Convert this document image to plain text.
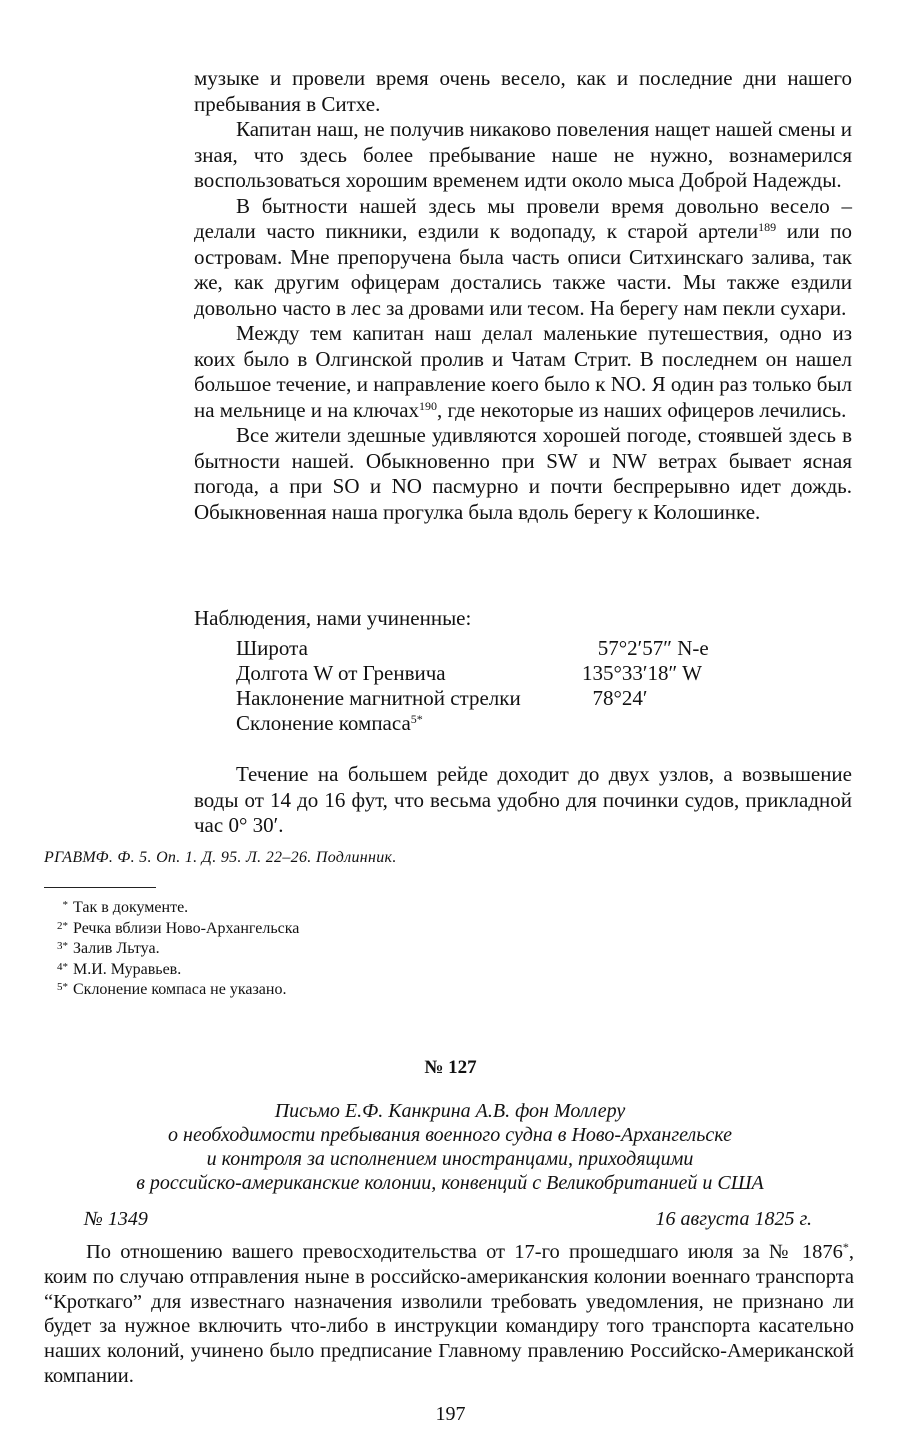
музыке и провели время очень весело, как и последние дни нашего пребывания в Ситхе.

Капитан наш, не получив никаково повеления нащет нашей смены и зная, что здесь более пребывание наше не нужно, вознамерился воспользоваться хорошим временем идти около мыса Доброй Надежды.

В бытности нашей здесь мы провели время довольно весело – делали часто пикники, ездили к водопаду, к старой артели$^{189}$ или по островам. Мне препоручена была часть описи Ситхинскаго залива, так же, как другим офицерам достались также части. Мы также ездили довольно часто в лес за дровами или тесом. На берегу нам пекли сухари.

Между тем капитан наш делал маленькие путешествия, одно из коих было в Олгинской пролив и Чатам Стрит. В последнем он нашел большое течение, и направление коего было к NO. Я один раз только был на мельнице и на ключах$^{190}$, где некоторые из наших офицеров лечились.

Все жители здешные удивляются хорошей погоде, стоявшей здесь в бытности нашей. Обыкновенно при SW и NW ветрах бывает ясная погода, а при SO и NO пасмурно и почти беспрерывно идет дождь. Обыкновенная наша прогулка была вдоль берегу к Колошинке.

Наблюдения, нами учиненные:

Широта	57°2′57″ N-е
Долгота W от Гренвича	135°33′18″ W
Наклонение магнитной стрелки	78°24′
Склонение компаса$^{5*}$

Течение на большем рейде доходит до двух узлов, а возвышение воды от 14 до 16 фут, что весьма удобно для починки судов, прикладной час 0° 30′.

РГАВМФ. Ф. 5. Оп. 1. Д. 95. Л. 22–26. Подлинник.
* Так в документе.
2* Речка вблизи Ново-Архангельска
3* Залив Льтуа.
4* М.И. Муравьев.
5* Склонение компаса не указано.
№ 127
Письмо Е.Ф. Канкрина А.В. фон Моллеру
о необходимости пребывания военного судна в Ново-Архангельске
и контроля за исполнением иностранцами, приходящими
в российско-американские колонии, конвенций с Великобританией и США
№ 1349	16 августа 1825 г.

По отношению вашего превосходительства от 17-го прошедшаго июля за № 1876*, коим по случаю отправления ныне в российско-американския колонии военнаго транспорта “Кроткаго” для известнаго назначения изволили требовать уведомления, не признано ли будет за нужное включить что-либо в инструкции командиру того транспорта касательно наших колоний, учинено было предписание Главному правлению Российско-Американской компании.

197
